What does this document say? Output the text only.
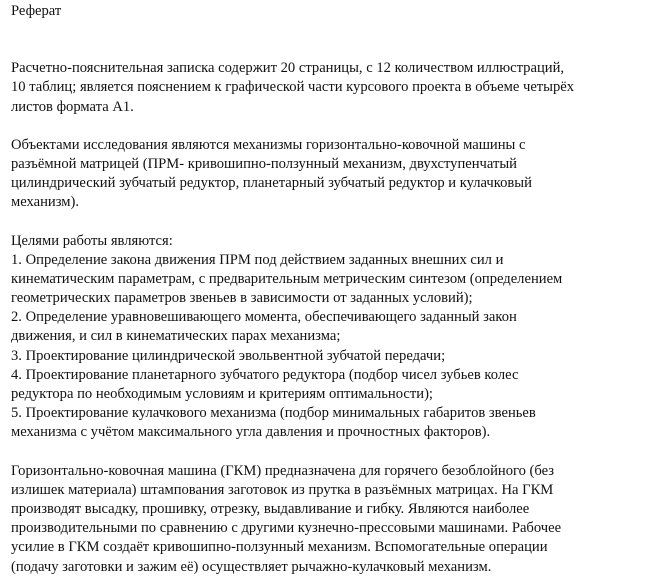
Реферат
Расчетно-пояснительная записка содержит 20 страницы, с 12 количеством иллюстраций,
10 таблиц; является пояснением к графической части курсового проекта в объеме четырёх
листов формата А1.
Объектами исследования являются механизмы горизонтально-ковочной машины с
разъёмной матрицей (ПРМ- кривошипно-ползунный механизм, двухступенчатый
цилиндрический зубчатый редуктор, планетарный зубчатый редуктор и кулачковый
механизм).
Целями работы являются:
1. Определение закона движения ПРМ под действием заданных внешних сил и
кинематическим параметрам, с предварительным метрическим синтезом (определением
геометрических параметров звеньев в зависимости от заданных условий);
2. Определение уравновешивающего момента, обеспечивающего заданный закон
движения, и сил в кинематических парах механизма;
3. Проектирование цилиндрической эвольвентной зубчатой передачи;
4. Проектирование планетарного зубчатого редуктора (подбор чисел зубьев колес
редуктора по необходимым условиям и критериям оптимальности);
5. Проектирование кулачкового механизма (подбор минимальных габаритов звеньев
механизма с учётом максимального угла давления и прочностных факторов).
Горизонтально-ковочная машина (ГКМ) предназначена для горячего безоблойного (без
излишек материала) штампования заготовок из прутка в разъёмных матрицах. На ГКМ
производят высадку, прошивку, отрезку, выдавливание и гибку. Являются наиболее
производительными по сравнению с другими кузнечно-прессовыми машинами. Рабочее
усилие в ГКМ создаёт кривошипно-ползунный механизм. Вспомогательные операции
(подачу заготовки и зажим её) осуществляет рычажно-кулачковый механизм.
